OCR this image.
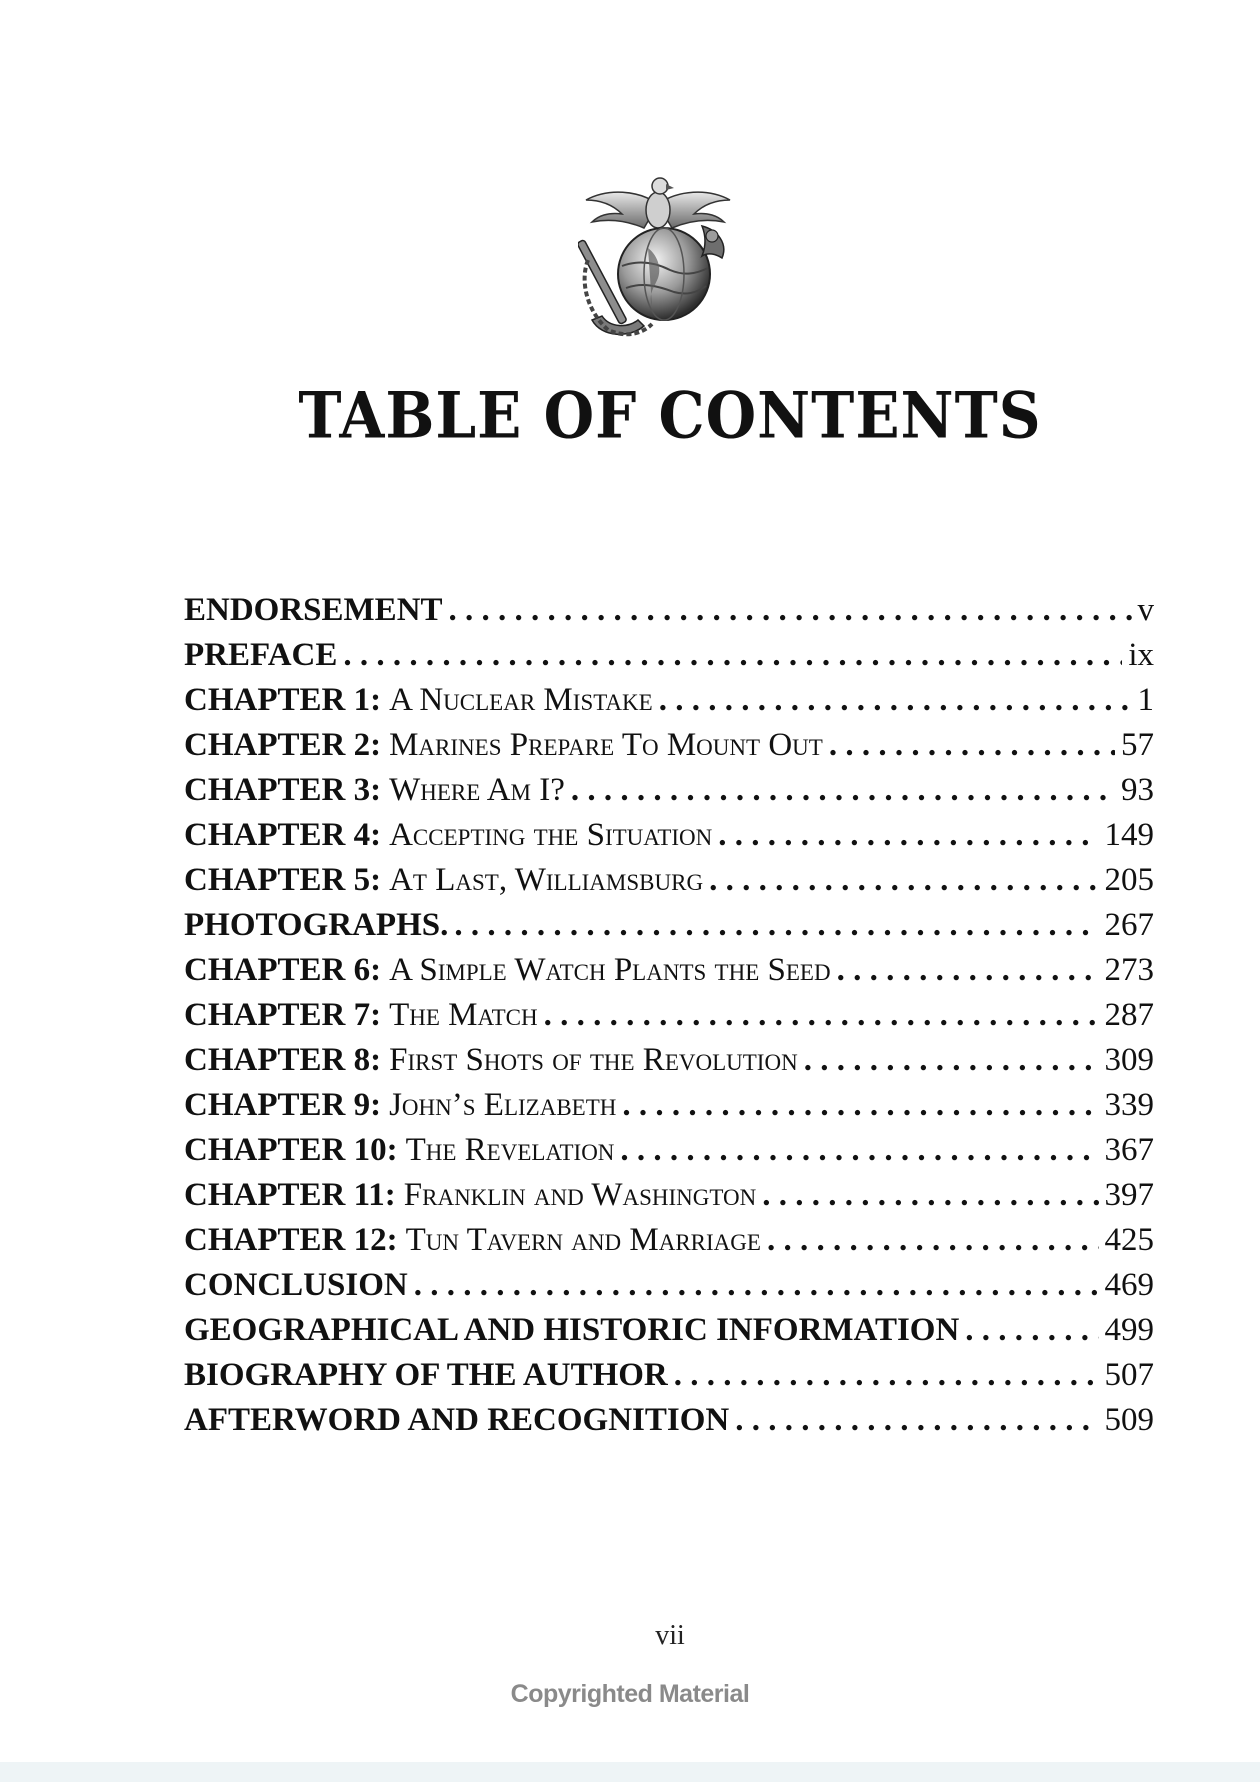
TABLE OF CONTENTS
ENDORSEMENT . . .	v
PREFACE . . .	ix
CHAPTER 1: A Nuclear Mistake . . .	1
CHAPTER 2: Marines Prepare To Mount Out . . .	57
CHAPTER 3: Where Am I? . . .	93
CHAPTER 4: Accepting the Situation . . .	149
CHAPTER 5: At Last, Williamsburg . . .	205
PHOTOGRAPHS. . . .	267
CHAPTER 6: A Simple Watch Plants the Seed . . .	273
CHAPTER 7: The Match . . .	287
CHAPTER 8: First Shots of the Revolution . . .	309
CHAPTER 9: John’s Elizabeth . . .	339
CHAPTER 10: The Revelation . . .	367
CHAPTER 11: Franklin and Washington . . .	397
CHAPTER 12: Tun Tavern and Marriage . . .	425
CONCLUSION . . .	469
GEOGRAPHICAL AND HISTORIC INFORMATION . . .	499
BIOGRAPHY OF THE AUTHOR . . .	507
AFTERWORD AND RECOGNITION . . .	509
vii
Copyrighted Material
